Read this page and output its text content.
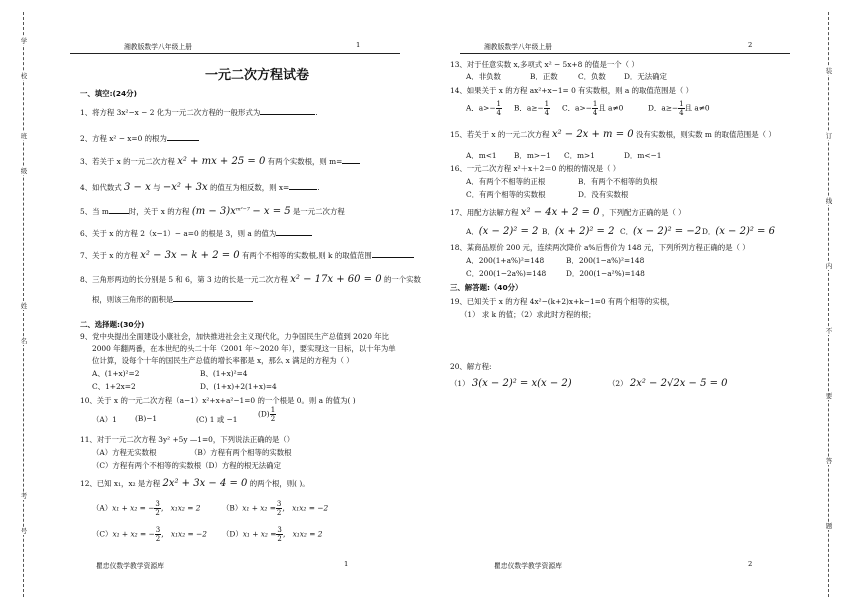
学
校
班
级
姓
名
考
号
装
订
线
内
不
要
答
题
湘教版数学八年级上册	1	湘教版数学八年级上册	2
一元二次方程试卷
一、填空:(24分)
1、将方程 3x²−x − 2 化为一元二次方程的一般形式为	.
2、方程 x² − x=0 的根为
3、若关于 x 的一元二次方程 x² + mx + 25 = 0 有两个实数根，则 m=
4、如代数式 3 − x 与 −x² + 3x 的值互为相反数，则 x=	.
5、当 m	时，关于 x 的方程 $(m - 3)x^{m^2-7} - x = 5$ 是一元二次方程
6、关于 x 的方程 2（x−1）− a=0 的根是 3，则 a 的值为
7、关于 x 的方程 x² − 3x − k + 2 = 0 有两个不相等的实数根,则 k 的取值范围
8、三角形两边的长分别是 5 和 6，第 3 边的长是一元二次方程 x² − 17x + 60 = 0 的一个实数
根，则该三角形的面积是
二、选择题:(30分)
9、党中央提出全面建设小康社会，加快推进社会主义现代化，力争国民生产总值到 2020 年比
2000 年翻两番，在本世纪的头二十年（2001 年～2020 年），要实现这一目标，以十年为单
位计算，设每个十年的国民生产总值的增长率都是 x，那么 x 满足的方程为（ ）
A、(1+x)²=2	B、(1+x)²=4
C、1+2x=2	D、(1+x)+2(1+x)=4
10、关于 x 的一元二次方程（a−1）x²+x+a²−1=0 的一个根是 0。则 a 的值为( )
（A）1 (B)−1	(C) 1 或 −1
$(D) \frac{1}{2}$
11、对于一元二次方程 3y² +5y —1=0，下列说法正确的是（）
（A）方程无实数根	（B）方程有两个相等的实数根
（C）方程有两个不相等的实数根（D）方程的根无法确定
12、已知 x₁，x₂ 是方程 2x² + 3x − 4 = 0 的两个根，则( )。
（A）x₁ + x₂ = − $\frac{3}{2}$ ， x₁x₂ = 2	$(B)x_1 + x_2 = \frac{3}{2}$ ， x₁x₂ = −2
（C）x₁ + x₂ = − $\frac{3}{2}$ ， x₁x₂ = −2 $(D)x_1 + x_2 = \frac{3}{2}$ ， x₁x₂ = 2
13、对于任意实数 x,多项式 x² − 5x+8 的值是一个（ ）
A．非负数	B．正数	C．负数 D．无法确定
14、如果关于 x 的方程 ax²+x−1= 0 有实数根，则 a 的取值范围是（ ）
A．$a>- \frac{1}{4}$ B．$a\ge- \frac{1}{4}$ C．$a>- \frac{1}{4}$ 且 a≠0	D．$a\ge- \frac{1}{4}$ 且 a≠0
15、若关于 x 的一元二次方程 x² − 2x + m = 0 没有实数根，则实数 m 的取值范围是（ ）
A．m<1 B．m>−1 C．m>1	D．m<−1
16、一元二次方程 x²＋x＋2＝0 的根的情况是（ ）
A．有两个不相等的正根	B．有两个不相等的负根
C．有两个相等的实数根	D．没有实数根
17、用配方法解方程 x² − 4x + 2 = 0 ，下列配方正确的是（ ）
A．(x − 2)² = 2 B．(x + 2)² = 2 C．(x − 2)² = −2 D．(x − 2)² = 6
18、某商品原价 200 元，连续两次降价 a%后售价为 148 元，下列所列方程正确的是（ ）
A．200(1+a%)²=148	B．200(1−a%)²=148
C．200(1−2a%)=148	D．200(1−a²%)=148
三、解答题:（40分）
19、已知关于 x 的方程 4x²−(k+2)x+k−1=0 有两个相等的实根，
（1） 求 k 的值；（2）求此时方程的根；
20、解方程:
（1） 3(x − 2)² = x(x − 2)	（2） 2x² − 2√2x − 5 = 0
瞿忠仪数学教学资源库	1	瞿忠仪数学教学资源库	2
